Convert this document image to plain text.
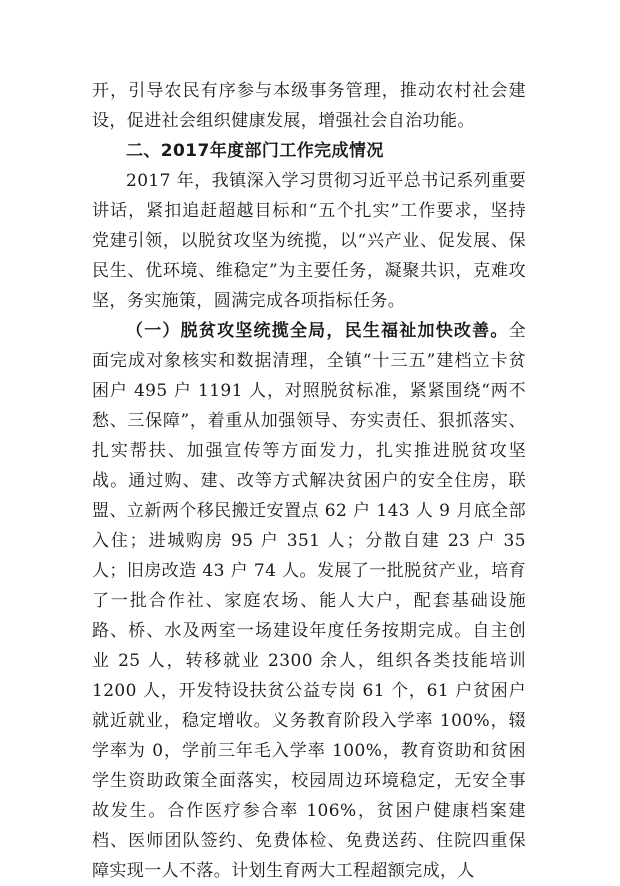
开，引导农民有序参与本级事务管理，推动农村社会建设，促进社会组织健康发展，增强社会自治功能。

二、2017年度部门工作完成情况

2017 年，我镇深入学习贯彻习近平总书记系列重要讲话，紧扣追赶超越目标和“五个扎实”工作要求，坚持党建引领，以脱贫攻坚为统揽，以“兴产业、促发展、保民生、优环境、维稳定”为主要任务，凝聚共识，克难攻坚，务实施策，圆满完成各项指标任务。

（一）脱贫攻坚统揽全局，民生福祉加快改善。全面完成对象核实和数据清理，全镇“十三五”建档立卡贫困户 495 户 1191 人，对照脱贫标准，紧紧围绕“两不愁、三保障”，着重从加强领导、夯实责任、狠抓落实、扎实帮扶、加强宣传等方面发力，扎实推进脱贫攻坚战。通过购、建、改等方式解决贫困户的安全住房，联盟、立新两个移民搬迁安置点 62 户 143 人 9 月底全部入住；进城购房 95 户 351 人；分散自建 23 户 35 人；旧房改造 43 户 74 人。发展了一批脱贫产业，培育了一批合作社、家庭农场、能人大户，配套基础设施路、桥、水及两室一场建设年度任务按期完成。自主创业 25 人，转移就业 2300 余人，组织各类技能培训 1200 人，开发特设扶贫公益专岗 61 个，61 户贫困户就近就业，稳定增收。义务教育阶段入学率 100%，辍学率为 0，学前三年毛入学率 100%，教育资助和贫困学生资助政策全面落实，校园周边环境稳定，无安全事故发生。合作医疗参合率 106%，贫困户健康档案建档、医师团队签约、免费体检、免费送药、住院四重保障实现一人不落。计划生育两大工程超额完成，人
